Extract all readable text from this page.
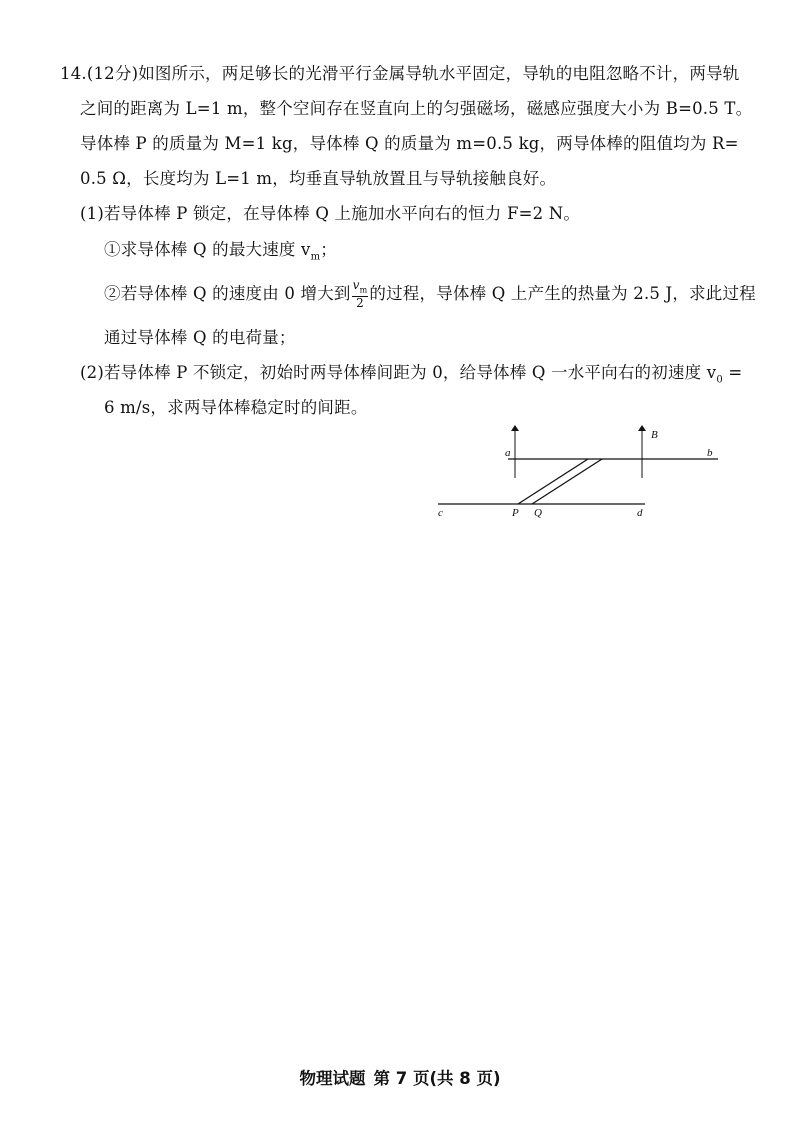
14.(12分)如图所示，两足够长的光滑平行金属导轨水平固定，导轨的电阻忽略不计，两导轨
之间的距离为 L=1 m，整个空间存在竖直向上的匀强磁场，磁感应强度大小为 B=0.5 T。
导体棒 P 的质量为 M=1 kg，导体棒 Q 的质量为 m=0.5 kg，两导体棒的阻值均为 R=
0.5 Ω，长度均为 L=1 m，均垂直导轨放置且与导轨接触良好。
(1)若导体棒 P 锁定，在导体棒 Q 上施加水平向右的恒力 F=2 N。
①求导体棒 Q 的最大速度 $v_m$；
②若导体棒 Q 的速度由 0 增大到 $\frac{v_m}{2}$ 的过程，导体棒 Q 上产生的热量为 2.5 J，求此过程
通过导体棒 Q 的电荷量；
(2)若导体棒 P 不锁定，初始时两导体棒间距为 0，给导体棒 Q 一水平向右的初速度 $v_0$ =
6 m/s，求两导体棒稳定时的间距。
a	b
c	d
P Q
B
物理试题 第 7 页(共 8 页)
